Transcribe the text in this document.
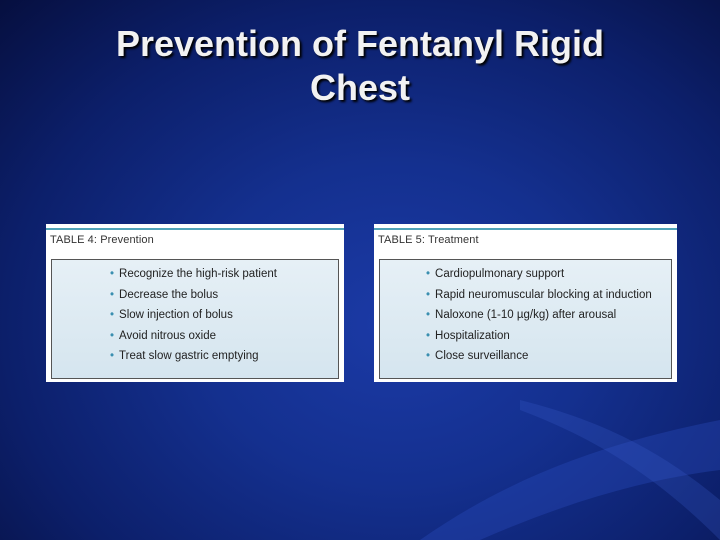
Prevention of Fentanyl Rigid
Chest
TABLE 4: Prevention
• Recognize the high-risk patient
• Decrease the bolus
• Slow injection of bolus
• Avoid nitrous oxide
• Treat slow gastric emptying
TABLE 5: Treatment
• Cardiopulmonary support
• Rapid neuromuscular blocking at induction
• Naloxone (1-10 µg/kg) after arousal
• Hospitalization
• Close surveillance
